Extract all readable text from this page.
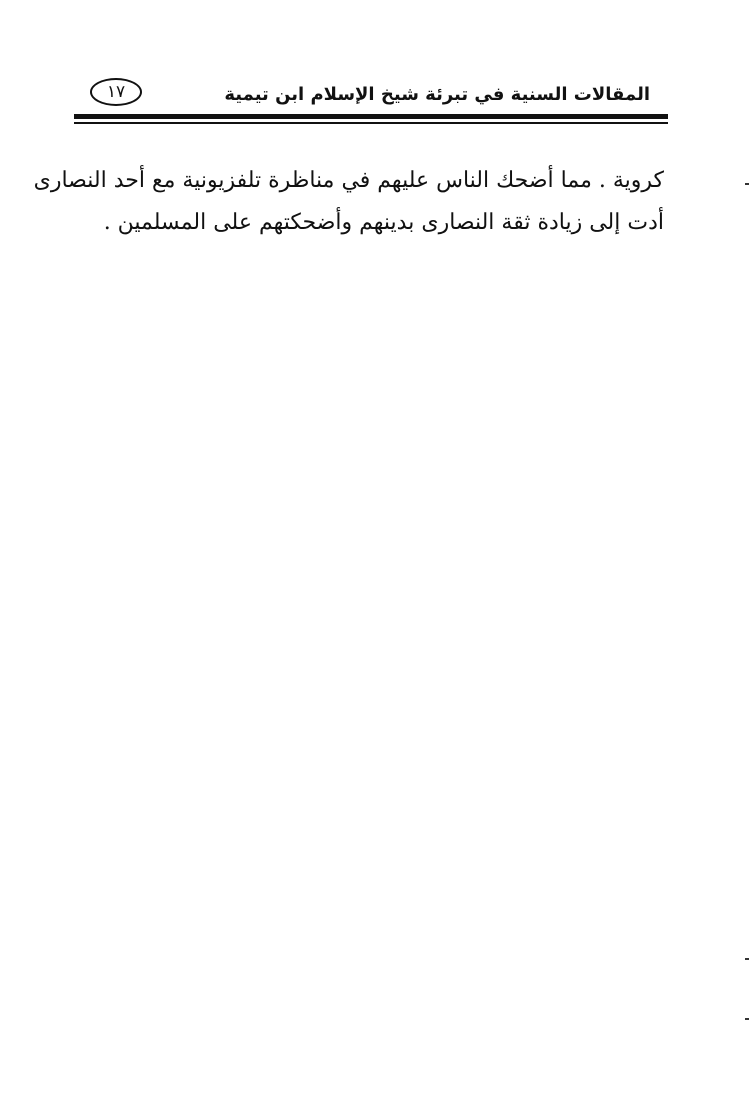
المقالات السنية في تبرئة شيخ الإسلام ابن تيمية
١٧

كروية . مما أضحك الناس عليهم في مناظرة تلفزيونية مع أحد النصارى

أدت إلى زيادة ثقة النصارى بدينهم وأضحكتهم على المسلمين .
